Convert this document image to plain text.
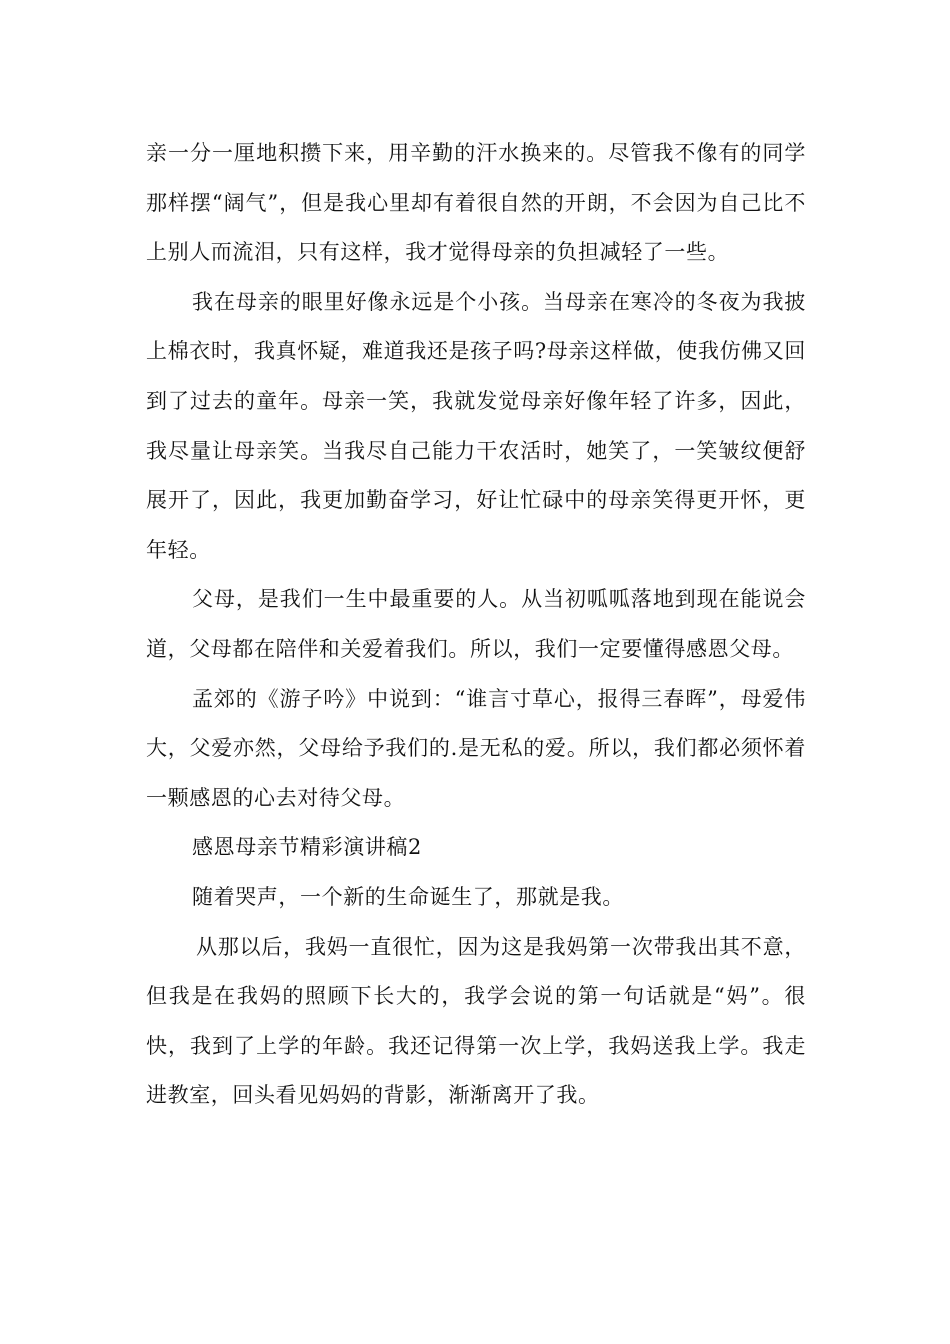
亲一分一厘地积攒下来，用辛勤的汗水换来的。尽管我不像有的同学那样摆“阔气”，但是我心里却有着很自然的开朗，不会因为自己比不上别人而流泪，只有这样，我才觉得母亲的负担减轻了一些。

我在母亲的眼里好像永远是个小孩。当母亲在寒冷的冬夜为我披上棉衣时，我真怀疑，难道我还是孩子吗?母亲这样做，使我仿佛又回到了过去的童年。母亲一笑，我就发觉母亲好像年轻了许多，因此，我尽量让母亲笑。当我尽自己能力干农活时，她笑了，一笑皱纹便舒展开了，因此，我更加勤奋学习，好让忙碌中的母亲笑得更开怀，更年轻。

父母，是我们一生中最重要的人。从当初呱呱落地到现在能说会道，父母都在陪伴和关爱着我们。所以，我们一定要懂得感恩父母。

孟郊的《游子吟》中说到：“谁言寸草心，报得三春晖”，母爱伟大，父爱亦然，父母给予我们的.是无私的爱。所以，我们都必须怀着一颗感恩的心去对待父母。

感恩母亲节精彩演讲稿2

随着哭声，一个新的生命诞生了，那就是我。

从那以后，我妈一直很忙，因为这是我妈第一次带我出其不意，但我是在我妈的照顾下长大的，我学会说的第一句话就是“妈”。很快，我到了上学的年龄。我还记得第一次上学，我妈送我上学。我走进教室，回头看见妈妈的背影，渐渐离开了我。
